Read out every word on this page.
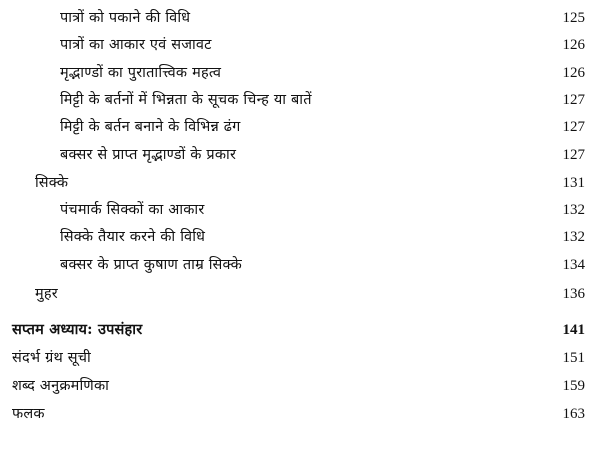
पात्रों को पकाने की विधि	125
पात्रों का आकार एवं सजावट	126
मृद्भाण्डों का पुरातात्त्विक महत्व	126
मिट्टी के बर्तनों में भिन्नता के सूचक चिन्ह या बातें	127
मिट्टी के बर्तन बनाने के विभिन्न ढंग	127
बक्सर से प्राप्त मृद्भाण्डों के प्रकार	127
सिक्के	131
पंचमार्क सिक्कों का आकार	132
सिक्के तैयार करने की विधि	132
बक्सर के प्राप्त कुषाण ताम्र सिक्के	134
मुहर	136
सप्तम अध्याय: उपसंहार	141
संदर्भ ग्रंथ सूची	151
शब्द अनुक्रमणिका	159
फलक	163
